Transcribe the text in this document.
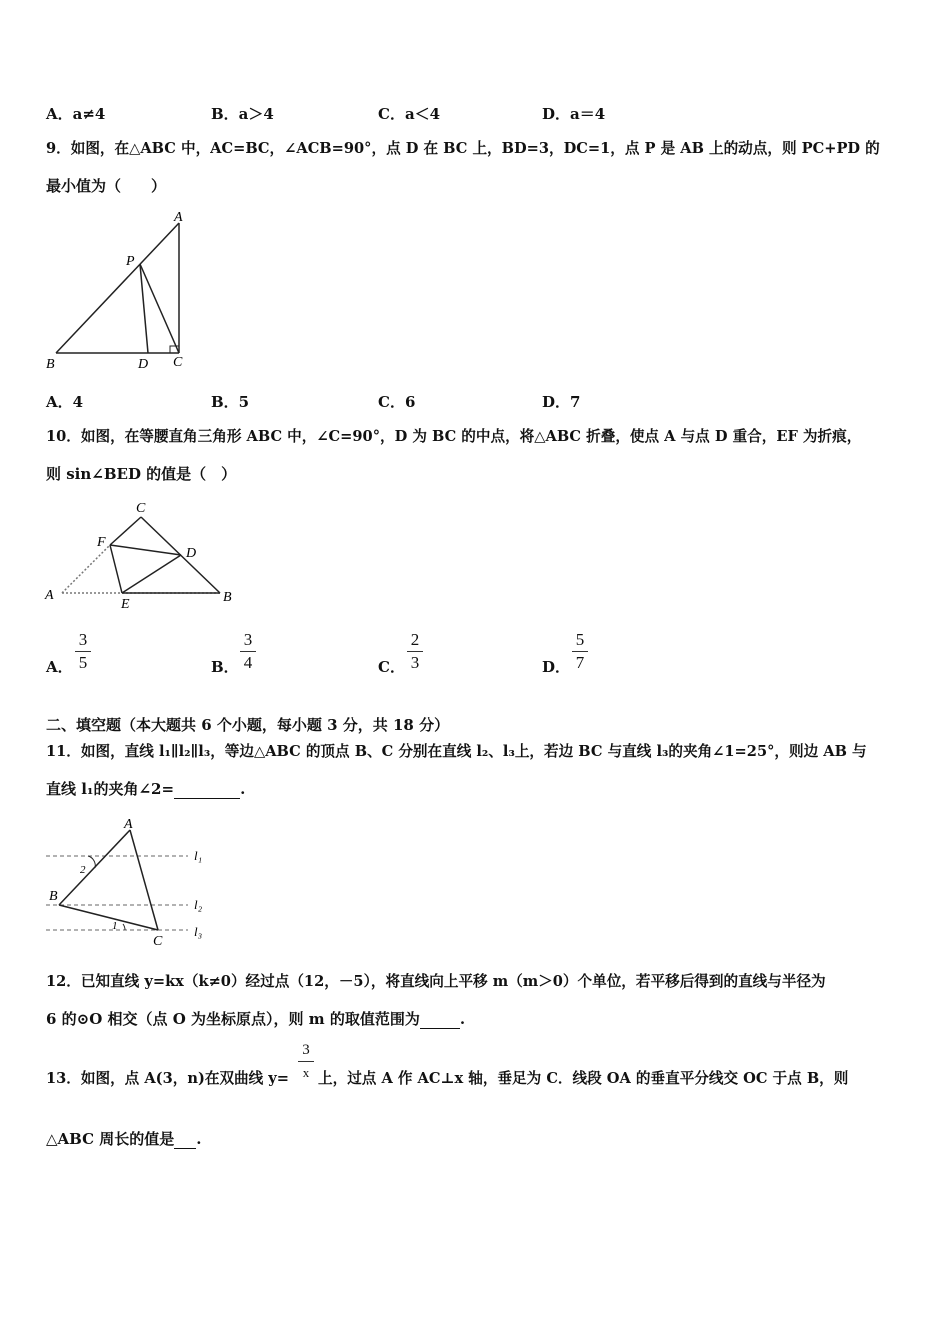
A．a≠4	B．a＞4	C．a＜4	D．a＝4
9．如图，在△ABC 中，AC=BC，∠ACB=90°，点 D 在 BC 上，BD=3，DC=1，点 P 是 AB 上的动点，则 PC+PD 的
最小值为（　　）
A
P
B	D C
A．4	B．5	C．6	D．7
10．如图，在等腰直角三角形 ABC 中，∠C=90°，D 为 BC 的中点，将△ABC 折叠，使点 A 与点 D 重合，EF 为折痕，
则 sin∠BED 的值是（　）
C
F
D
A
E	B
A．
3
5	B．
3
4	C．
2
3	D．
5
7
二、填空题（本大题共 6 个小题，每小题 3 分，共 18 分）
11．如图，直线 l₁∥l₂∥l₃，等边△ABC 的顶点 B、C 分别在直线 l₂、l₃上，若边 BC 与直线 l₃的夹角∠1=25°，则边 AB 与
直线 l₁的夹角∠2=	.
A
2
B
1
C
l₁
l₂
l₃
12．已知直线 y=kx（k≠0）经过点（12，－5），将直线向上平移 m（m＞0）个单位，若平移后得到的直线与半径为
6 的⊙O 相交（点 O 为坐标原点），则 m 的取值范围为	.
13．如图，点 A(3，n)在双曲线 y=
3
x 上，过点 A 作 AC⊥x 轴，垂足为 C．线段 OA 的垂直平分线交 OC 于点 B，则
△ABC 周长的值是 .
